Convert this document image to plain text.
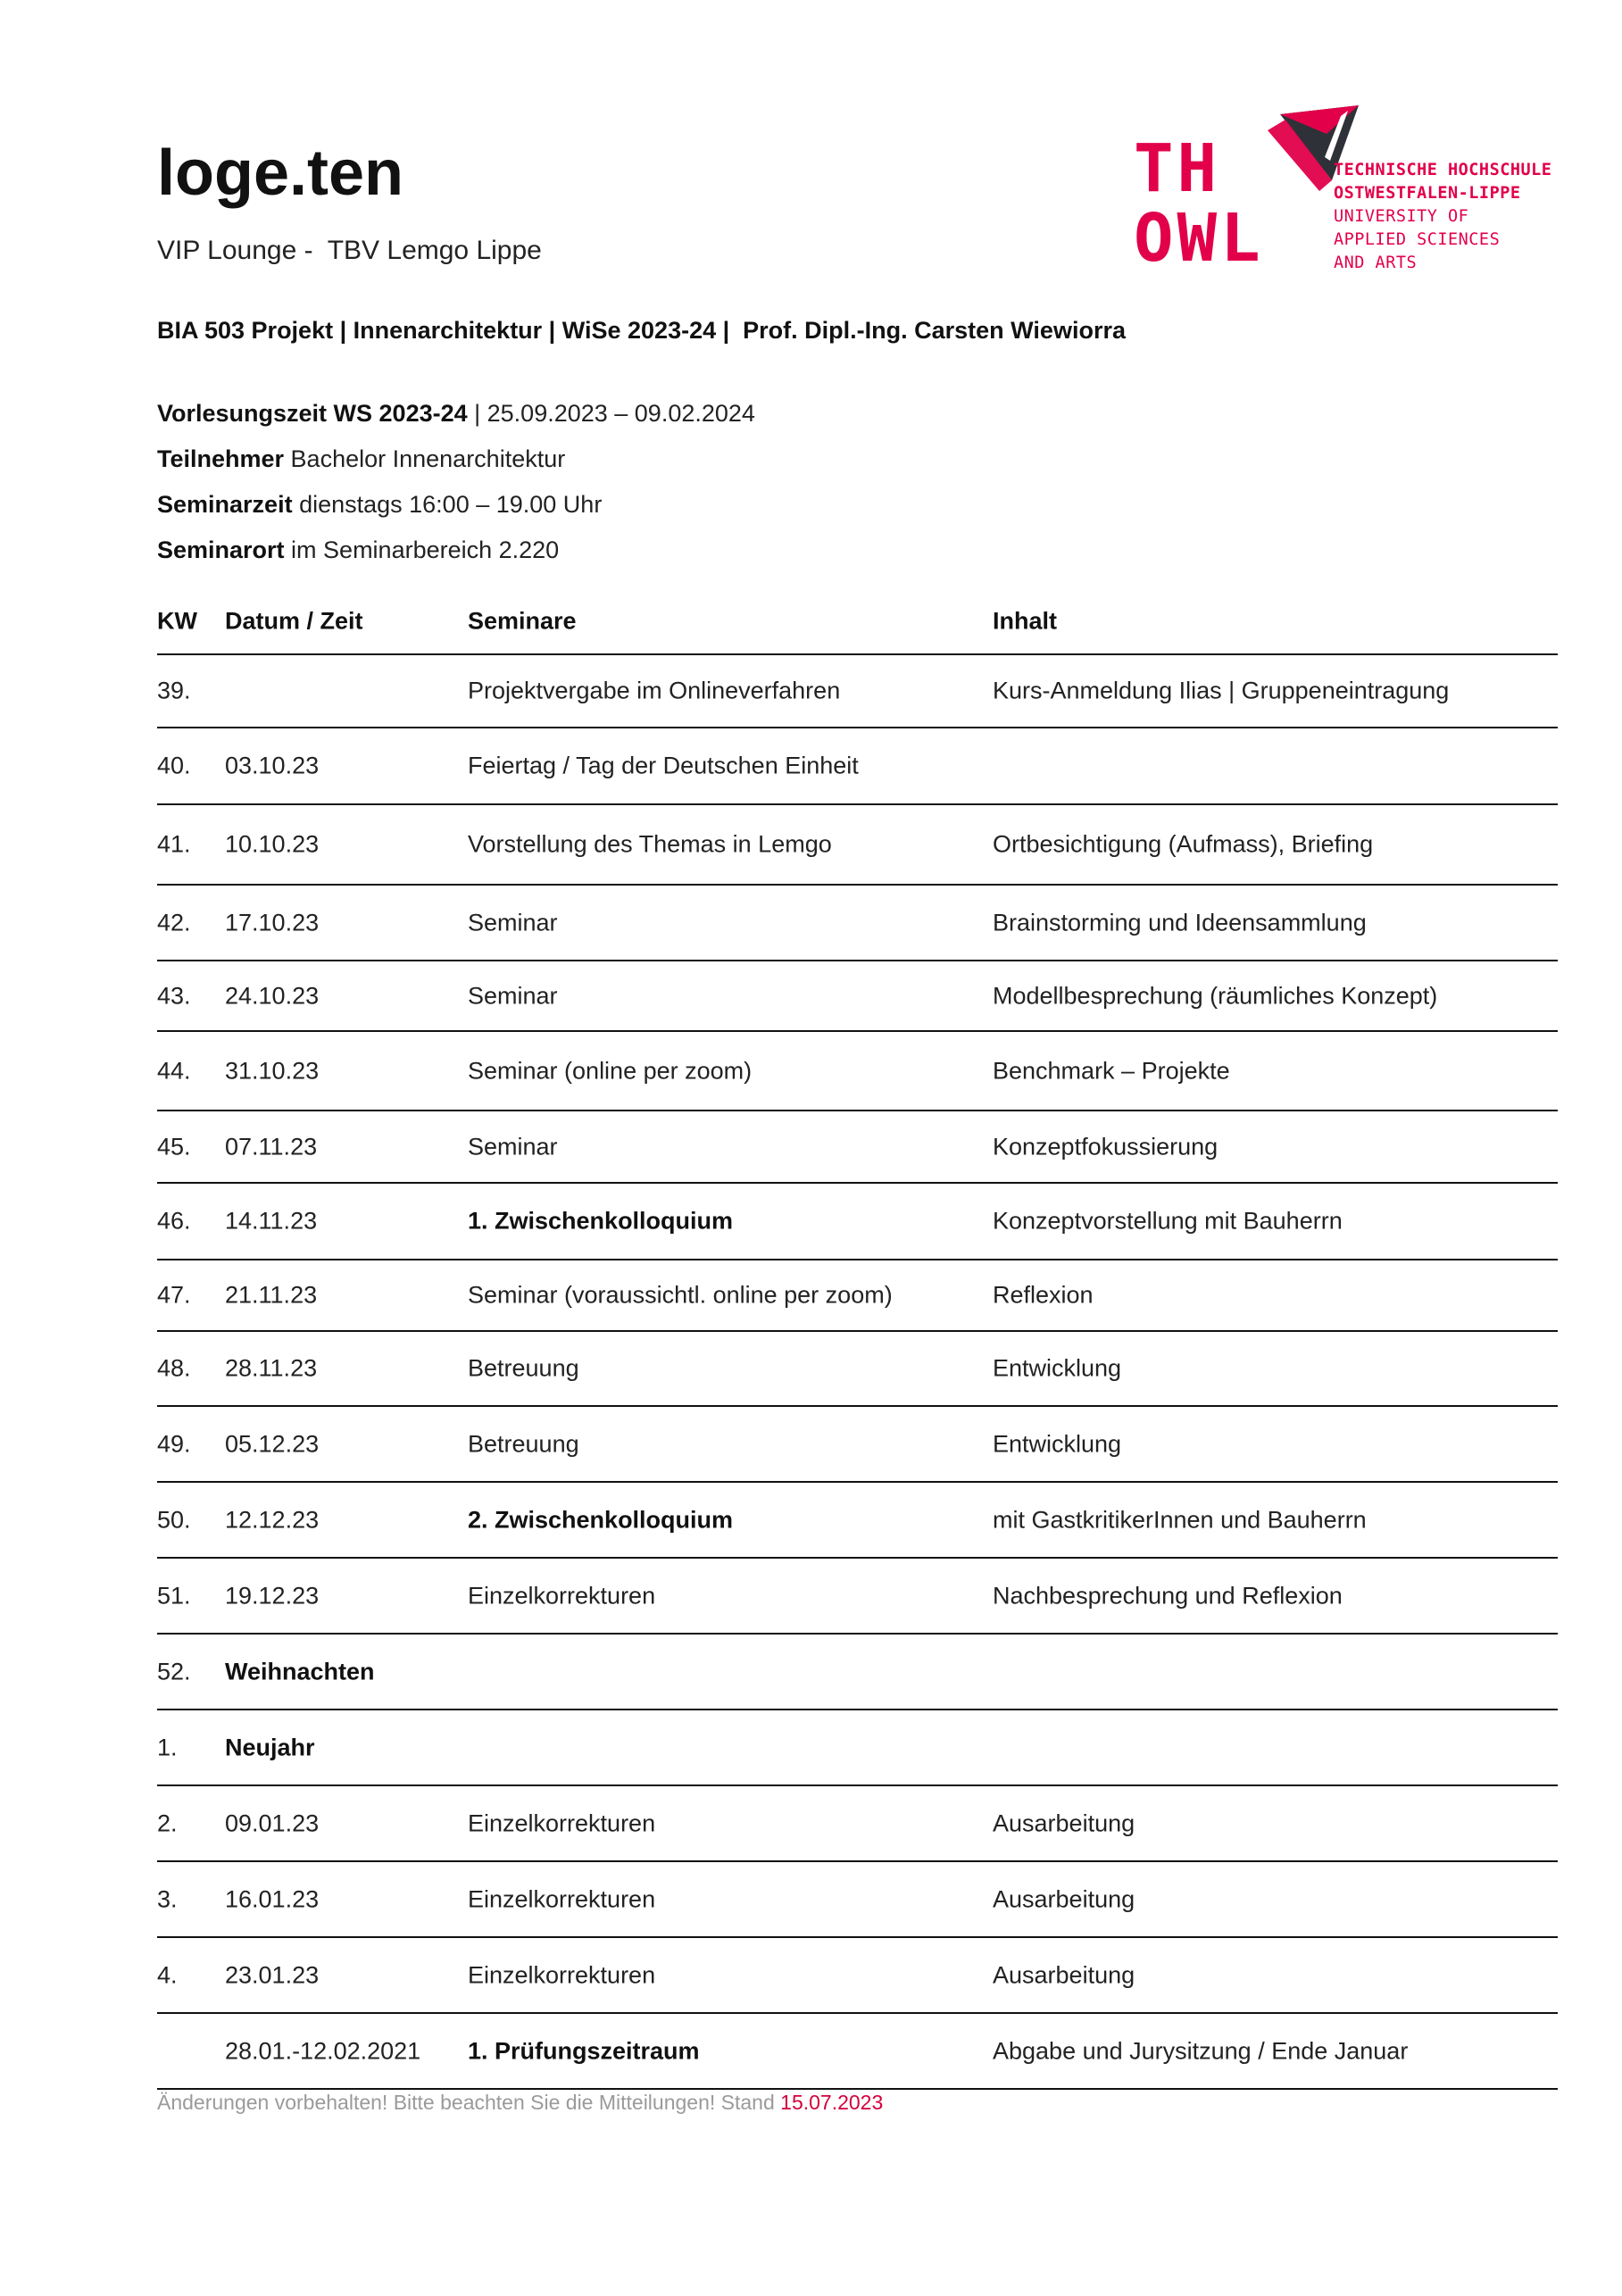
loge.ten
VIP Lounge -  TBV Lemgo Lippe
TH
OWL
TECHNISCHE HOCHSCHULE
OSTWESTFALEN-LIPPE
UNIVERSITY OF
APPLIED SCIENCES
AND ARTS
BIA 503 Projekt | Innenarchitektur | WiSe 2023-24 |  Prof. Dipl.-Ing. Carsten Wiewiorra
Vorlesungszeit WS 2023-24 | 25.09.2023 – 09.02.2024
Teilnehmer Bachelor Innenarchitektur
Seminarzeit dienstags 16:00 – 19.00 Uhr
Seminarort im Seminarbereich 2.220
KW Datum / Zeit	Seminare	Inhalt
39.	Projektvergabe im Onlineverfahren	Kurs-Anmeldung Ilias | Gruppeneintragung
40. 03.10.23	Feiertag / Tag der Deutschen Einheit
41. 10.10.23	Vorstellung des Themas in Lemgo	Ortbesichtigung (Aufmass), Briefing
42. 17.10.23	Seminar	Brainstorming und Ideensammlung
43. 24.10.23	Seminar	Modellbesprechung (räumliches Konzept)
44. 31.10.23	Seminar (online per zoom)	Benchmark – Projekte
45. 07.11.23	Seminar	Konzeptfokussierung
46. 14.11.23	1. Zwischenkolloquium	Konzeptvorstellung mit Bauherrn
47. 21.11.23	Seminar (voraussichtl. online per zoom)	Reflexion
48. 28.11.23	Betreuung	Entwicklung
49. 05.12.23	Betreuung	Entwicklung
50. 12.12.23	2. Zwischenkolloquium	mit GastkritikerInnen und Bauherrn
51. 19.12.23	Einzelkorrekturen	Nachbesprechung und Reflexion
52. Weihnachten
1. Neujahr
2. 09.01.23	Einzelkorrekturen	Ausarbeitung
3. 16.01.23	Einzelkorrekturen	Ausarbeitung
4. 23.01.23	Einzelkorrekturen	Ausarbeitung
28.01.-12.02.2021 1. Prüfungszeitraum	Abgabe und Jurysitzung / Ende Januar
Änderungen vorbehalten! Bitte beachten Sie die Mitteilungen! Stand 15.07.2023
